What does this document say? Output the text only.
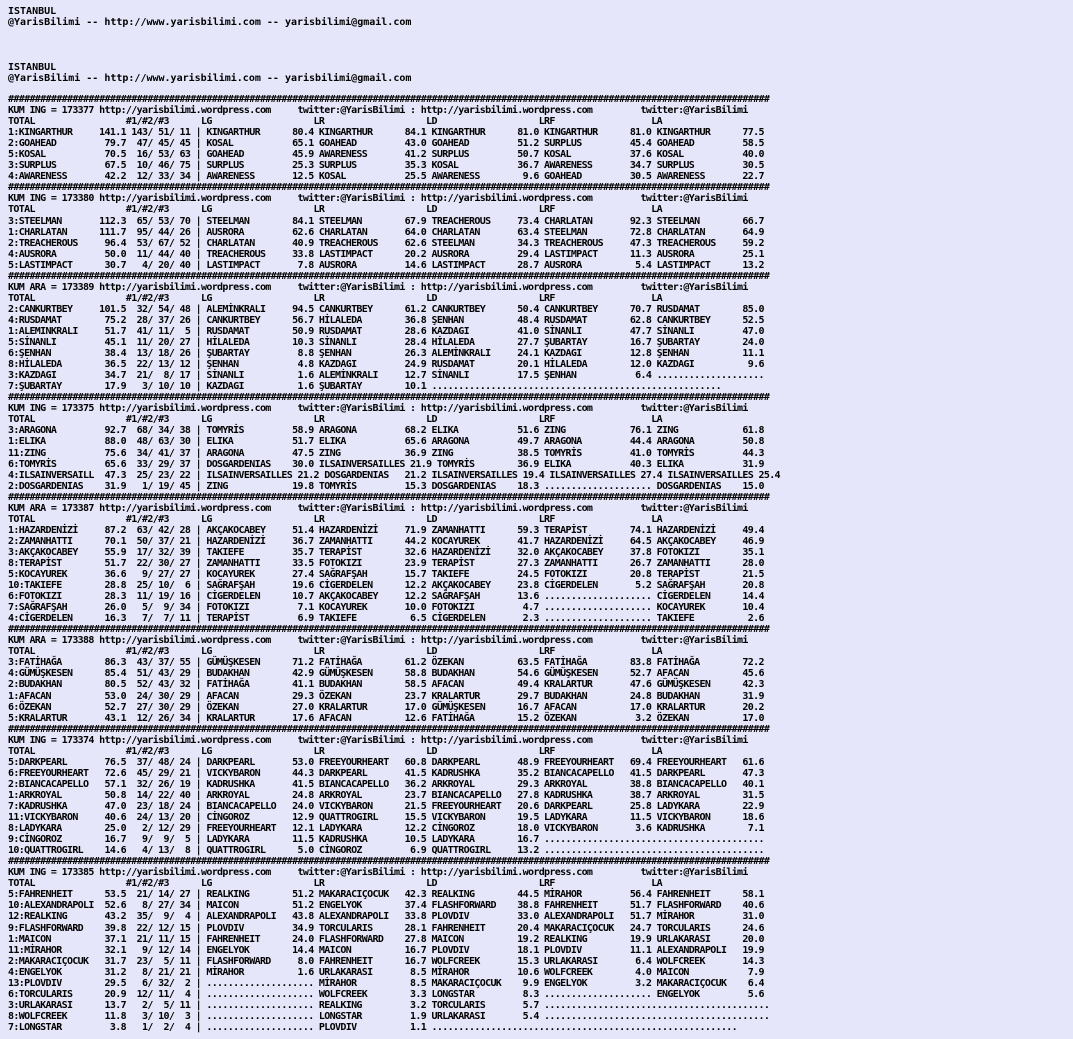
ISTANBUL
@YarisBilimi -- http://www.yarisbilimi.com -- yarisbilimi@gmail.com
ISTANBUL
@YarisBilimi -- http://www.yarisbilimi.com -- yarisbilimi@gmail.com
##############################################################################################################################################
KUM ING = 173377 http://yarisbilimi.wordpress.com     twitter:@YarisBilimi : http://yarisbilimi.wordpress.com         twitter:@YarisBilimi
TOTAL                 #1/#2/#3      LG                   LR                   LD                   LRF                  LA
1:KINGARTHUR     141.1 143/ 51/ 11 | KINGARTHUR      80.4 KINGARTHUR      84.1 KINGARTHUR      81.0 KINGARTHUR      81.0 KINGARTHUR      77.5
2:GOAHEAD         79.7  47/ 45/ 45 | KOSAL           65.1 GOAHEAD         43.0 GOAHEAD         51.2 SURPLUS         45.4 GOAHEAD         58.5
5:KOSAL           70.5  16/ 53/ 63 | GOAHEAD         45.9 AWARENESS       41.2 SURPLUS         50.7 KOSAL           37.6 KOSAL           40.0
3:SURPLUS         67.5  10/ 46/ 75 | SURPLUS         25.3 SURPLUS         35.3 KOSAL           36.7 AWARENESS       34.7 SURPLUS         30.5
4:AWARENESS       42.2  12/ 33/ 34 | AWARENESS       12.5 KOSAL           25.5 AWARENESS        9.6 GOAHEAD         30.5 AWARENESS       22.7
##############################################################################################################################################
KUM ING = 173380 http://yarisbilimi.wordpress.com     twitter:@YarisBilimi : http://yarisbilimi.wordpress.com         twitter:@YarisBilimi
TOTAL                 #1/#2/#3      LG                   LR                   LD                   LRF                  LA
3:STEELMAN       112.3  65/ 53/ 70 | STEELMAN        84.1 STEELMAN        67.9 TREACHEROUS     73.4 CHARLATAN       92.3 STEELMAN        66.7
1:CHARLATAN      111.7  95/ 44/ 26 | AUSRORA         62.6 CHARLATAN       64.0 CHARLATAN       63.4 STEELMAN        72.8 CHARLATAN       64.9
2:TREACHEROUS     96.4  53/ 67/ 52 | CHARLATAN       40.9 TREACHEROUS     62.6 STEELMAN        34.3 TREACHEROUS     47.3 TREACHEROUS     59.2
4:AUSRORA         50.0  11/ 44/ 40 | TREACHEROUS     33.8 LASTIMPACT      20.2 AUSRORA         29.4 LASTIMPACT      11.3 AUSRORA         25.1
5:LASTIMPACT      30.7   4/ 20/ 40 | LASTIMPACT       7.8 AUSRORA         14.6 LASTIMPACT      28.7 AUSRORA          5.4 LASTIMPACT      13.2
##############################################################################################################################################
KUM ARA = 173389 http://yarisbilimi.wordpress.com     twitter:@YarisBilimi : http://yarisbilimi.wordpress.com         twitter:@YarisBilimi
TOTAL                 #1/#2/#3      LG                   LR                   LD                   LRF                  LA
2:CANKURTBEY     101.5  32/ 54/ 48 | ALEMİNKRALI     94.5 CANKURTBEY      61.2 CANKURTBEY      50.4 CANKURTBEY      70.7 RUSDAMAT        85.0
4:RUSDAMAT        75.2  28/ 37/ 26 | CANKURTBEY      56.7 HİLALEDA        36.8 ŞENHAN          48.4 RUSDAMAT        62.8 CANKURTBEY      52.5
1:ALEMINKRALI     51.7  41/ 11/  5 | RUSDAMAT        50.9 RUSDAMAT        28.6 KAZDAGI         41.0 SİNANLI         47.7 SİNANLI         47.0
5:SİNANLI         45.1  11/ 20/ 27 | HİLALEDA        10.3 SİNANLI         28.4 HİLALEDA        27.7 ŞUBARTAY        16.7 ŞUBARTAY        24.0
6:ŞENHAN          38.4  13/ 18/ 26 | ŞUBARTAY         8.8 ŞENHAN          26.3 ALEMİNKRALI     24.1 KAZDAGI         12.8 ŞENHAN          11.1
8:HİLALEDA        36.5  22/ 13/ 12 | ŞENHAN           4.8 KAZDAGI         24.9 RUSDAMAT        20.1 HİLALEDA        12.0 KAZDAGI          9.6
3:KAZDAGI         34.7  21/  8/ 17 | SİNANLI          1.6 ALEMİNKRALI     12.7 SİNANLI         17.5 ŞENHAN           6.4 ....................
7:ŞUBARTAY        17.9   3/ 10/ 10 | KAZDAGI          1.6 ŞUBARTAY        10.1 ......................................................
##############################################################################################################################################
KUM ING = 173375 http://yarisbilimi.wordpress.com     twitter:@YarisBilimi : http://yarisbilimi.wordpress.com         twitter:@YarisBilimi
TOTAL                 #1/#2/#3      LG                   LR                   LD                   LRF                  LA
3:ARAGONA         92.7  68/ 34/ 38 | TOMYRİS         58.9 ARAGONA         68.2 ELIKA           51.6 ZING            76.1 ZING            61.8
1:ELIKA           88.0  48/ 63/ 30 | ELIKA           51.7 ELIKA           65.6 ARAGONA         49.7 ARAGONA         44.4 ARAGONA         50.8
11:ZING           75.6  34/ 41/ 37 | ARAGONA         47.5 ZING            36.9 ZING            38.5 TOMYRİS         41.0 TOMYRİS         44.3
6:TOMYRİS         65.6  33/ 29/ 37 | DOSGARDENIAS    30.0 ILSAINVERSAILLES 21.9 TOMYRİS        36.9 ELIKA           40.3 ELIKA           31.9
4:ILSAINVERSAILL  47.3  25/ 23/ 22 | ILSAINVERSAILLES 21.2 DOSGARDENIAS   21.2 ILSAINVERSAILLES 19.4 ILSAINVERSAILLES 27.4 ILSAINVERSAILLES 25.4
2:DOSGARDENIAS    31.9   1/ 19/ 45 | ZING            19.8 TOMYRİS         15.3 DOSGARDENIAS    18.3 .................... DOSGARDENIAS    15.0
##############################################################################################################################################
KUM ARA = 173387 http://yarisbilimi.wordpress.com     twitter:@YarisBilimi : http://yarisbilimi.wordpress.com         twitter:@YarisBilimi
TOTAL                 #1/#2/#3      LG                   LR                   LD                   LRF                  LA
1:HAZARDENİZİ     87.2  63/ 42/ 28 | AKÇAKOCABEY     51.4 HAZARDENİZİ     71.9 ZAMANHATTI      59.3 TERAPİST        74.1 HAZARDENİZİ     49.4
2:ZAMANHATTI      70.1  50/ 37/ 21 | HAZARDENİZİ     36.7 ZAMANHATTI      44.2 KOCAYUREK       41.7 HAZARDENİZİ     64.5 AKÇAKOCABEY     46.9
3:AKÇAKOCABEY     55.9  17/ 32/ 39 | TAKIEFE         35.7 TERAPİST        32.6 HAZARDENİZİ     32.0 AKÇAKOCABEY     37.8 FOTOKIZI        35.1
8:TERAPİST        51.7  22/ 30/ 27 | ZAMANHATTI      33.5 FOTOKIZI        23.9 TERAPİST        27.3 ZAMANHATTI      26.7 ZAMANHATTI      28.0
5:KOCAYUREK       36.6   9/ 27/ 27 | KOCAYUREK       27.4 SAĞRAFŞAH       15.7 TAKIEFE         24.5 FOTOKIZI        20.8 TERAPİST        21.5
10:TAKIEFE        28.8  25/ 10/  6 | SAĞRAFŞAH       19.6 CİGERDELEN      12.2 AKÇAKOCABEY     23.8 CİGERDELEN       5.2 SAĞRAFŞAH       20.8
6:FOTOKIZI        28.3  11/ 19/ 16 | CİGERDELEN      10.7 AKÇAKOCABEY     12.2 SAĞRAFŞAH       13.6 .................... CİGERDELEN      14.4
7:SAĞRAFŞAH       26.0   5/  9/ 34 | FOTOKIZI         7.1 KOCAYUREK       10.0 FOTOKIZI         4.7 .................... KOCAYUREK       10.4
4:CİGERDELEN      16.3   7/  7/ 11 | TERAPİST         6.9 TAKIEFE          6.5 CİGERDELEN       2.3 .................... TAKIEFE          2.6
##############################################################################################################################################
KUM ARA = 173388 http://yarisbilimi.wordpress.com     twitter:@YarisBilimi : http://yarisbilimi.wordpress.com         twitter:@YarisBilimi
TOTAL                 #1/#2/#3      LG                   LR                   LD                   LRF                  LA
3:FATİHAĞA        86.3  43/ 37/ 55 | GÜMÜŞKESEN      71.2 FATİHAĞA        61.2 ÖZEKAN          63.5 FATİHAĞA        83.8 FATİHAĞA        72.2
4:GÜMÜŞKESEN      85.4  51/ 43/ 29 | BUDAKHAN        42.9 GÜMÜŞKESEN      58.8 BUDAKHAN        54.6 GÜMÜŞKESEN      52.7 AFACAN          45.6
2:BUDAKHAN        80.5  52/ 43/ 32 | FATİHAĞA        41.1 BUDAKHAN        58.5 AFACAN          49.4 KRALARTUR       47.6 GÜMÜŞKESEN      42.3
1:AFACAN          53.0  24/ 30/ 29 | AFACAN          29.3 ÖZEKAN          23.7 KRALARTUR       29.7 BUDAKHAN        24.8 BUDAKHAN        31.9
6:ÖZEKAN          52.7  27/ 30/ 29 | ÖZEKAN          27.0 KRALARTUR       17.0 GÜMÜŞKESEN      16.7 AFACAN          17.0 KRALARTUR       20.2
5:KRALARTUR       43.1  12/ 26/ 34 | KRALARTUR       17.6 AFACAN          12.6 FATİHAĞA        15.2 ÖZEKAN           3.2 ÖZEKAN          17.0
##############################################################################################################################################
KUM ING = 173374 http://yarisbilimi.wordpress.com     twitter:@YarisBilimi : http://yarisbilimi.wordpress.com         twitter:@YarisBilimi
TOTAL                 #1/#2/#3      LG                   LR                   LD                   LRF                  LA
5:DARKPEARL       76.5  37/ 48/ 24 | DARKPEARL       53.0 FREEYOURHEART   60.8 DARKPEARL       48.9 FREEYOURHEART   69.4 FREEYOURHEART   61.6
6:FREEYOURHEART   72.6  45/ 29/ 21 | VICKYBARON      44.3 DARKPEARL       41.5 KADRUSHKA       35.2 BIANCACAPELLO   41.5 DARKPEARL       47.3
2:BIANCACAPELLO   57.1  32/ 26/ 19 | KADRUSHKA       41.5 BIANCACAPELLO   36.2 ARKROYAL        29.3 ARKROYAL        38.8 BIANCACAPELLO   40.1
1:ARKROYAL        50.8  14/ 22/ 40 | ARKROYAL        24.8 ARKROYAL        23.7 BIANCACAPELLO   27.8 KADRUSHKA       38.7 ARKROYAL        31.5
7:KADRUSHKA       47.0  23/ 18/ 24 | BIANCACAPELLO   24.0 VICKYBARON      21.5 FREEYOURHEART   20.6 DARKPEARL       25.8 LADYKARA        22.9
11:VICKYBARON     40.6  24/ 13/ 20 | CİNGOROZ        12.9 QUATTROGIRL     15.5 VICKYBARON      19.5 LADYKARA        11.5 VICKYBARON      18.6
8:LADYKARA        25.0   2/ 12/ 29 | FREEYOURHEART   12.1 LADYKARA        12.2 CİNGOROZ        18.0 VICKYBARON       3.6 KADRUSHKA        7.1
9:CİNGOROZ        16.7   9/  9/  5 | LADYKARA        11.5 KADRUSHKA       10.5 LADYKARA        16.7 .........................................
10:QUATTROGIRL    14.6   4/ 13/  8 | QUATTROGIRL      5.0 CİNGOROZ         6.9 QUATTROGIRL     13.2 .........................................
##############################################################################################################################################
KUM ING = 173385 http://yarisbilimi.wordpress.com     twitter:@YarisBilimi : http://yarisbilimi.wordpress.com         twitter:@YarisBilimi
TOTAL                 #1/#2/#3      LG                   LR                   LD                   LRF                  LA
5:FAHRENHEIT      53.5  21/ 14/ 27 | REALKING        51.2 MAKARACIÇOCUK   42.3 REALKING        44.5 MİRAHOR         56.4 FAHRENHEIT      58.1
10:ALEXANDRAPOLI  52.6   8/ 27/ 34 | MAICON          51.2 ENGELYOK        37.4 FLASHFORWARD    38.8 FAHRENHEIT      51.7 FLASHFORWARD    40.6
12:REALKING       43.2  35/  9/  4 | ALEXANDRAPOLI   43.8 ALEXANDRAPOLI   33.8 PLOVDIV         33.0 ALEXANDRAPOLI   51.7 MİRAHOR         31.0
9:FLASHFORWARD    39.8  22/ 12/ 15 | PLOVDIV         34.9 TORCULARIS      28.1 FAHRENHEIT      20.4 MAKARACIÇOCUK   24.7 TORCULARIS      24.6
1:MAICON          37.1  21/ 11/ 15 | FAHRENHEIT      24.0 FLASHFORWARD    27.8 MAICON          19.2 REALKING        19.9 URLAKARASI      20.0
11:MİRAHOR        32.1   9/ 12/ 14 | ENGELYOK        14.4 MAICON          16.7 PLOVDIV         18.1 PLOVDIV         11.1 ALEXANDRAPOLI   19.9
2:MAKARACIÇOCUK   31.7  23/  5/ 11 | FLASHFORWARD     8.0 FAHRENHEIT      16.7 WOLFCREEK       15.3 URLAKARASI       6.4 WOLFCREEK       14.3
4:ENGELYOK        31.2   8/ 21/ 21 | MİRAHOR          1.6 URLAKARASI       8.5 MİRAHOR         10.6 WOLFCREEK        4.0 MAICON           7.9
13:PLOVDIV        29.5   6/ 32/  2 | .................... MİRAHOR          8.5 MAKARACIÇOCUK    9.9 ENGELYOK         3.2 MAKARACIÇOCUK    6.4
6:TORCULARIS      20.9  12/ 11/  4 | .................... WOLFCREEK        3.3 LONGSTAR         8.3 .................... ENGELYOK         5.6
3:URLAKARASI      13.7   2/  5/ 11 | .................... REALKING         3.2 TORCULARIS       5.7 ..........................................
8:WOLFCREEK       11.8   3/ 10/  3 | .................... LONGSTAR         1.9 URLAKARASI       5.4 ..........................................
7:LONGSTAR         3.8   1/  2/  4 | .................... PLOVDIV          1.1 .........................................................
